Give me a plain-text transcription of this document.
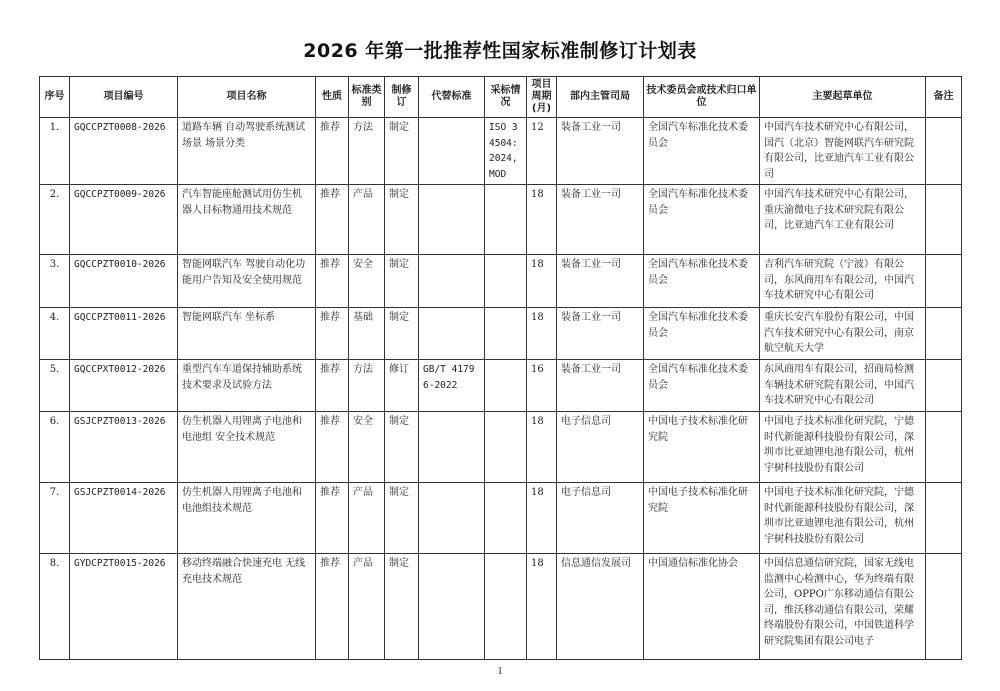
2026 年第一批推荐性国家标准制修订计划表
序号	项目编号	项目名称	性质	标准类别	制修订	代替标准	采标情况	项目周期(月)	部内主管司局	技术委员会或技术归口单位	主要起草单位	备注
1.	GQCCPZT0008-2026	道路车辆 自动驾驶系统测试场景 场景分类	推荐	方法	制定		ISO 34504:2024,MOD	12	装备工业一司	全国汽车标准化技术委员会	中国汽车技术研究中心有限公司，国汽（北京）智能网联汽车研究院有限公司，比亚迪汽车工业有限公司	
2.	GQCCPZT0009-2026	汽车智能座舱测试用仿生机器人目标物通用技术规范	推荐	产品	制定			18	装备工业一司	全国汽车标准化技术委员会	中国汽车技术研究中心有限公司，重庆渝微电子技术研究院有限公司，比亚迪汽车工业有限公司	
3.	GQCCPZT0010-2026	智能网联汽车 驾驶自动化功能用户告知及安全使用规范	推荐	安全	制定			18	装备工业一司	全国汽车标准化技术委员会	吉利汽车研究院（宁波）有限公司，东风商用车有限公司，中国汽车技术研究中心有限公司	
4.	GQCCPZT0011-2026	智能网联汽车 坐标系	推荐	基础	制定			18	装备工业一司	全国汽车标准化技术委员会	重庆长安汽车股份有限公司，中国汽车技术研究中心有限公司，南京航空航天大学	
5.	GQCCPXT0012-2026	重型汽车车道保持辅助系统技术要求及试验方法	推荐	方法	修订	GB/T 41796-2022		16	装备工业一司	全国汽车标准化技术委员会	东风商用车有限公司，招商局检测车辆技术研究院有限公司，中国汽车技术研究中心有限公司	
6.	GSJCPZT0013-2026	仿生机器人用锂离子电池和电池组 安全技术规范	推荐	安全	制定			18	电子信息司	中国电子技术标准化研究院	中国电子技术标准化研究院，宁德时代新能源科技股份有限公司，深圳市比亚迪锂电池有限公司，杭州宇树科技股份有限公司	
7.	GSJCPZT0014-2026	仿生机器人用锂离子电池和电池组技术规范	推荐	产品	制定			18	电子信息司	中国电子技术标准化研究院	中国电子技术标准化研究院，宁德时代新能源科技股份有限公司，深圳市比亚迪锂电池有限公司，杭州宇树科技股份有限公司	
8.	GYDCPZT0015-2026	移动终端融合快速充电 无线充电技术规范	推荐	产品	制定			18	信息通信发展司	中国通信标准化协会	中国信息通信研究院，国家无线电监测中心检测中心，华为终端有限公司，OPPO广东移动通信有限公司，维沃移动通信有限公司，荣耀终端股份有限公司，中国铁道科学研究院集团有限公司电子	
1
